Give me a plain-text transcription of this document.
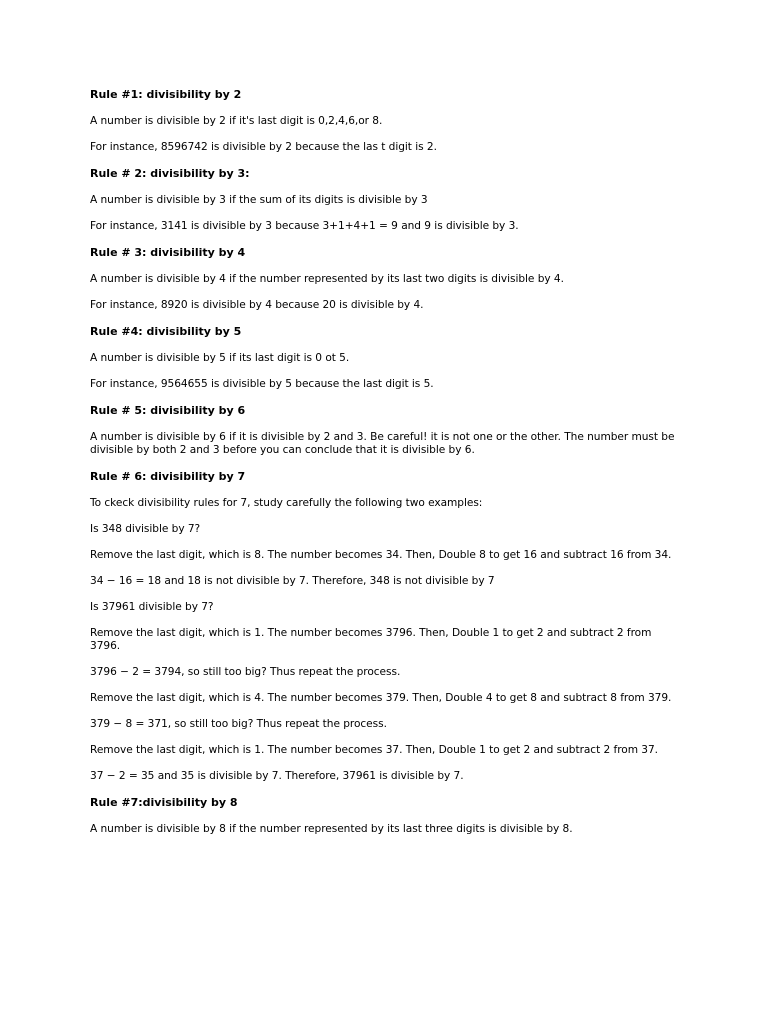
Rule #1: divisibility by 2

A number is divisible by 2 if it's last digit is 0,2,4,6,or 8.

For instance, 8596742 is divisible by 2 because the las t digit is 2.

Rule # 2: divisibility by 3:

A number is divisible by 3 if the sum of its digits is divisible by 3

For instance, 3141 is divisible by 3 because 3+1+4+1 = 9 and 9 is divisible by 3.

Rule # 3: divisibility by 4

A number is divisible by 4 if the number represented by its last two digits is divisible by 4.

For instance, 8920 is divisible by 4 because 20 is divisible by 4.

Rule #4: divisibility by 5

A number is divisible by 5 if its last digit is 0 ot 5.

For instance, 9564655 is divisible by 5 because the last digit is 5.

Rule # 5: divisibility by 6

A number is divisible by 6 if it is divisible by 2 and 3. Be careful! it is not one or the other. The number must be divisible by both 2 and 3 before you can conclude that it is divisible by 6.

Rule # 6: divisibility by 7

To ckeck divisibility rules for 7, study carefully the following two examples:

Is 348 divisible by 7?

Remove the last digit, which is 8. The number becomes 34. Then, Double 8 to get 16 and subtract 16 from 34.

34 − 16 = 18 and 18 is not divisible by 7. Therefore, 348 is not divisible by 7

Is 37961 divisible by 7?

Remove the last digit, which is 1. The number becomes 3796. Then, Double 1 to get 2 and subtract 2 from 3796.

3796 − 2 = 3794, so still too big? Thus repeat the process.

Remove the last digit, which is 4. The number becomes 379. Then, Double 4 to get 8 and subtract 8 from 379.

379 − 8 = 371, so still too big? Thus repeat the process.

Remove the last digit, which is 1. The number becomes 37. Then, Double 1 to get 2 and subtract 2 from 37.

37 − 2 = 35 and 35 is divisible by 7. Therefore, 37961 is divisible by 7.

Rule #7:divisibility by 8

A number is divisible by 8 if the number represented by its last three digits is divisible by 8.
